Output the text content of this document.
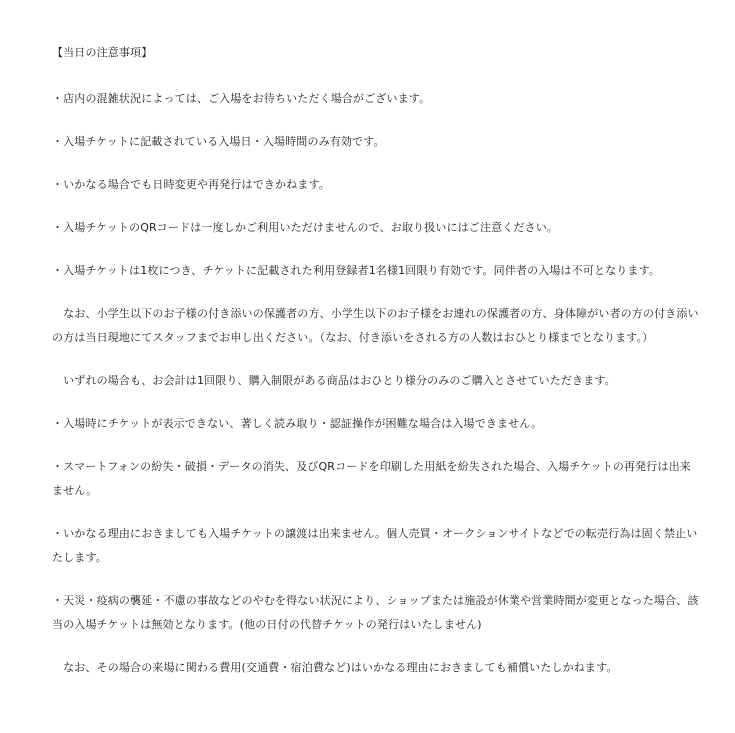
【当日の注意事項】
・店内の混雑状況によっては、ご入場をお待ちいただく場合がございます。
・入場チケットに記載されている入場日・入場時間のみ有効です。
・いかなる場合でも日時変更や再発行はできかねます。
・入場チケットのQRコードは一度しかご利用いただけませんので、お取り扱いにはご注意ください。
・入場チケットは1枚につき、チケットに記載された利用登録者1名様1回限り有効です。同伴者の入場は不可となります。
　なお、小学生以下のお子様の付き添いの保護者の方、小学生以下のお子様をお連れの保護者の方、身体障がい者の方の付き添い
の方は当日現地にてスタッフまでお申し出ください。（なお、付き添いをされる方の人数はおひとり様までとなります。）
　いずれの場合も、お会計は1回限り、購入制限がある商品はおひとり様分のみのご購入とさせていただきます。
・入場時にチケットが表示できない、著しく読み取り・認証操作が困難な場合は入場できません。
・スマートフォンの紛失・破損・データの消失、及びQRコードを印刷した用紙を紛失された場合、入場チケットの再発行は出来
ません。
・いかなる理由におきましても入場チケットの譲渡は出来ません。個人売買・オークションサイトなどでの転売行為は固く禁止い
たします。
・天災・疫病の襲延・不慮の事故などのやむを得ない状況により、ショップまたは施設が休業や営業時間が変更となった場合、該
当の入場チケットは無効となります。(他の日付の代替チケットの発行はいたしません)
　なお、その場合の来場に関わる費用(交通費・宿泊費など)はいかなる理由におきましても補償いたしかねます。
